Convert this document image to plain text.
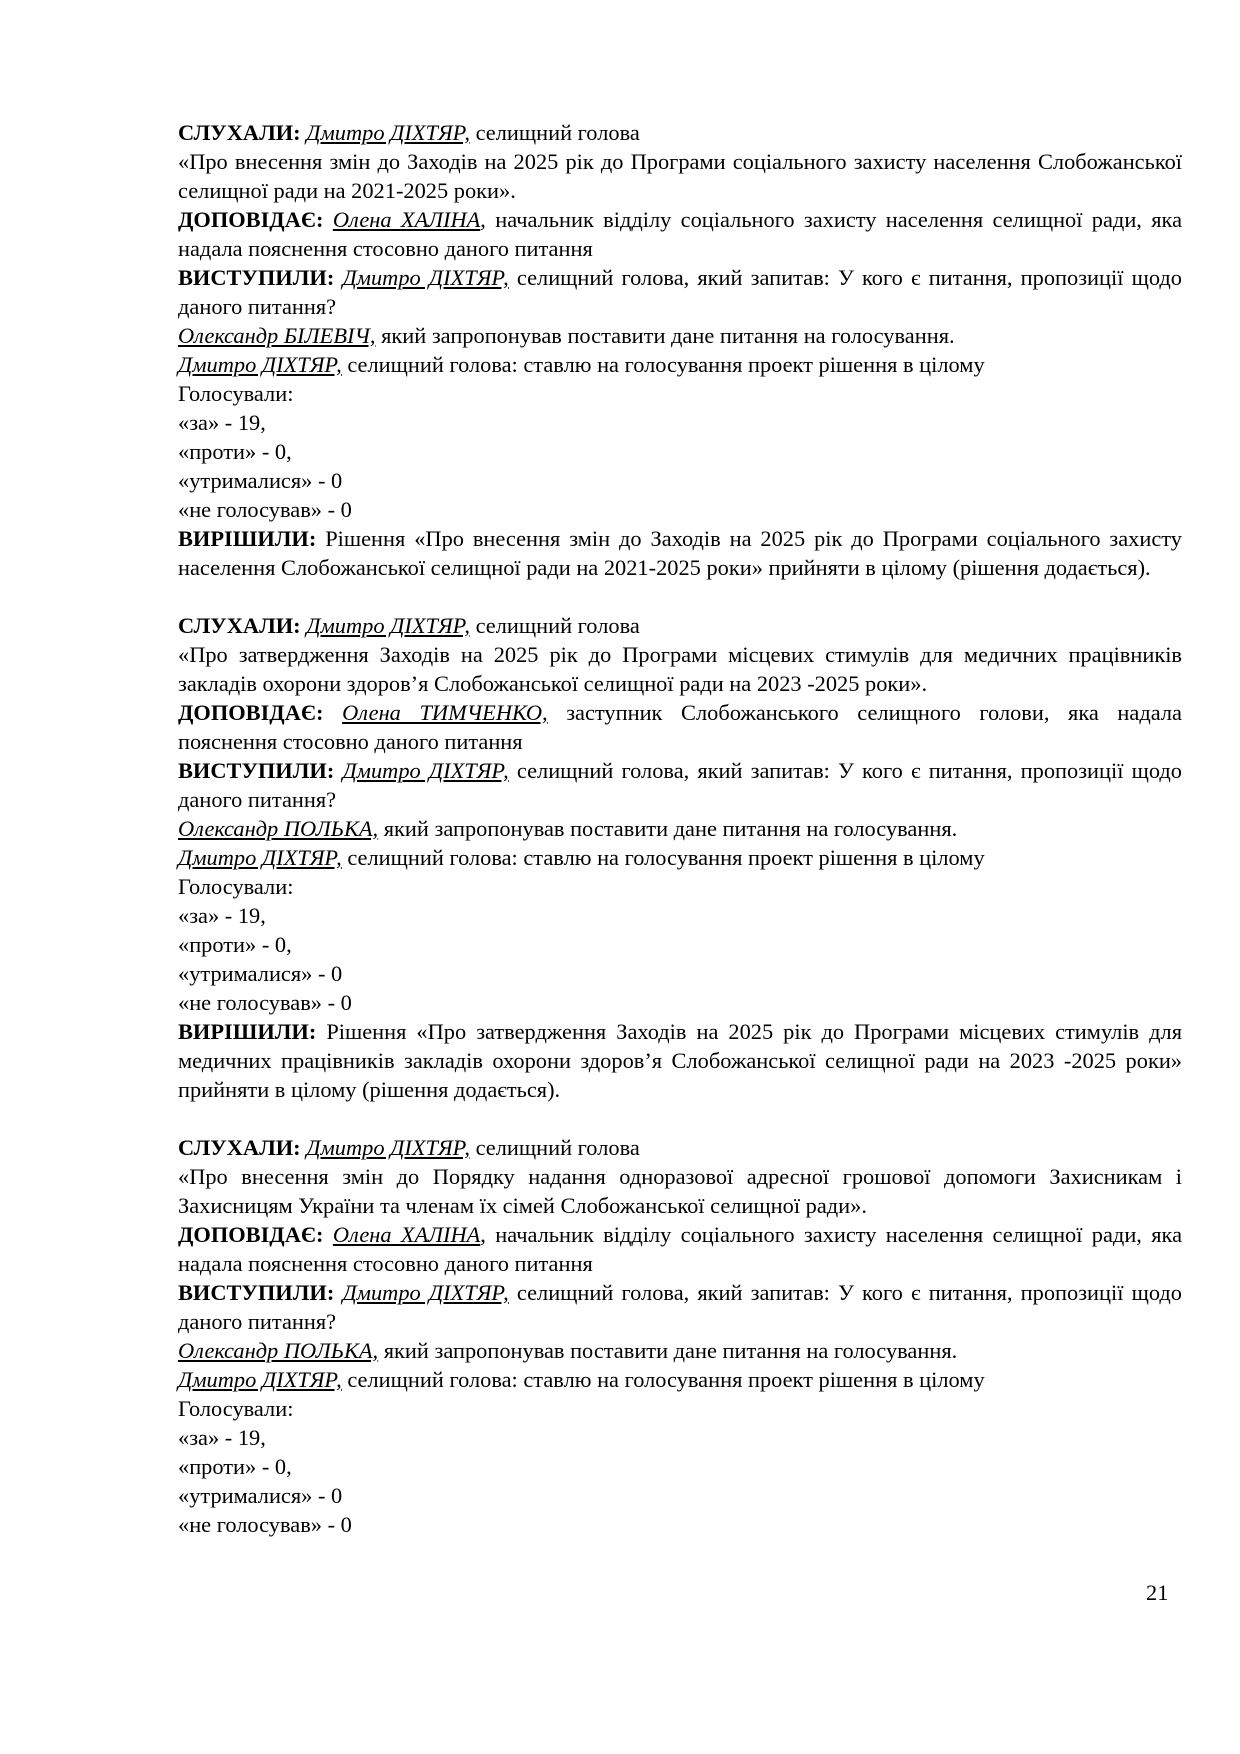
СЛУХАЛИ: Дмитро ДІХТЯР, селищний голова

«Про внесення змін до Заходів на 2025 рік до Програми соціального захисту населення Слобожанської селищної ради на 2021-2025 роки».

ДОПОВІДАЄ: Олена ХАЛІНА, начальник відділу соціального захисту населення селищної ради, яка надала пояснення стосовно даного питання

ВИСТУПИЛИ: Дмитро ДІХТЯР, селищний голова, який запитав: У кого є питання, пропозиції щодо даного питання?

Олександр БІЛЕВІЧ, який запропонував поставити дане питання на голосування.

Дмитро ДІХТЯР, селищний голова: ставлю на голосування проект рішення в цілому

Голосували:

«за» - 19,

«проти» - 0,

«утрималися» - 0

«не голосував» - 0

ВИРІШИЛИ: Рішення «Про внесення змін до Заходів на 2025 рік до Програми соціального захисту населення Слобожанської селищної ради на 2021-2025 роки» прийняти в цілому (рішення додається).

СЛУХАЛИ: Дмитро ДІХТЯР, селищний голова

«Про затвердження Заходів на 2025 рік до Програми місцевих стимулів для медичних працівників закладів охорони здоров’я Слобожанської селищної ради на 2023 -2025 роки».

ДОПОВІДАЄ: Олена ТИМЧЕНКО, заступник Слобожанського селищного голови, яка надала пояснення стосовно даного питання

ВИСТУПИЛИ: Дмитро ДІХТЯР, селищний голова, який запитав: У кого є питання, пропозиції щодо даного питання?

Олександр ПОЛЬКА, який запропонував поставити дане питання на голосування.

Дмитро ДІХТЯР, селищний голова: ставлю на голосування проект рішення в цілому

Голосували:

«за» - 19,

«проти» - 0,

«утрималися» - 0

«не голосував» - 0

ВИРІШИЛИ: Рішення «Про затвердження Заходів на 2025 рік до Програми місцевих стимулів для медичних працівників закладів охорони здоров’я Слобожанської селищної ради на 2023 -2025 роки» прийняти в цілому (рішення додається).

СЛУХАЛИ: Дмитро ДІХТЯР, селищний голова

«Про внесення змін до Порядку надання одноразової адресної грошової допомоги Захисникам і Захисницям України та членам їх сімей Слобожанської селищної ради».

ДОПОВІДАЄ: Олена ХАЛІНА, начальник відділу соціального захисту населення селищної ради, яка надала пояснення стосовно даного питання

ВИСТУПИЛИ: Дмитро ДІХТЯР, селищний голова, який запитав: У кого є питання, пропозиції щодо даного питання?

Олександр ПОЛЬКА, який запропонував поставити дане питання на голосування.

Дмитро ДІХТЯР, селищний голова: ставлю на голосування проект рішення в цілому

Голосували:

«за» - 19,

«проти» - 0,

«утрималися» - 0

«не голосував» - 0

21
